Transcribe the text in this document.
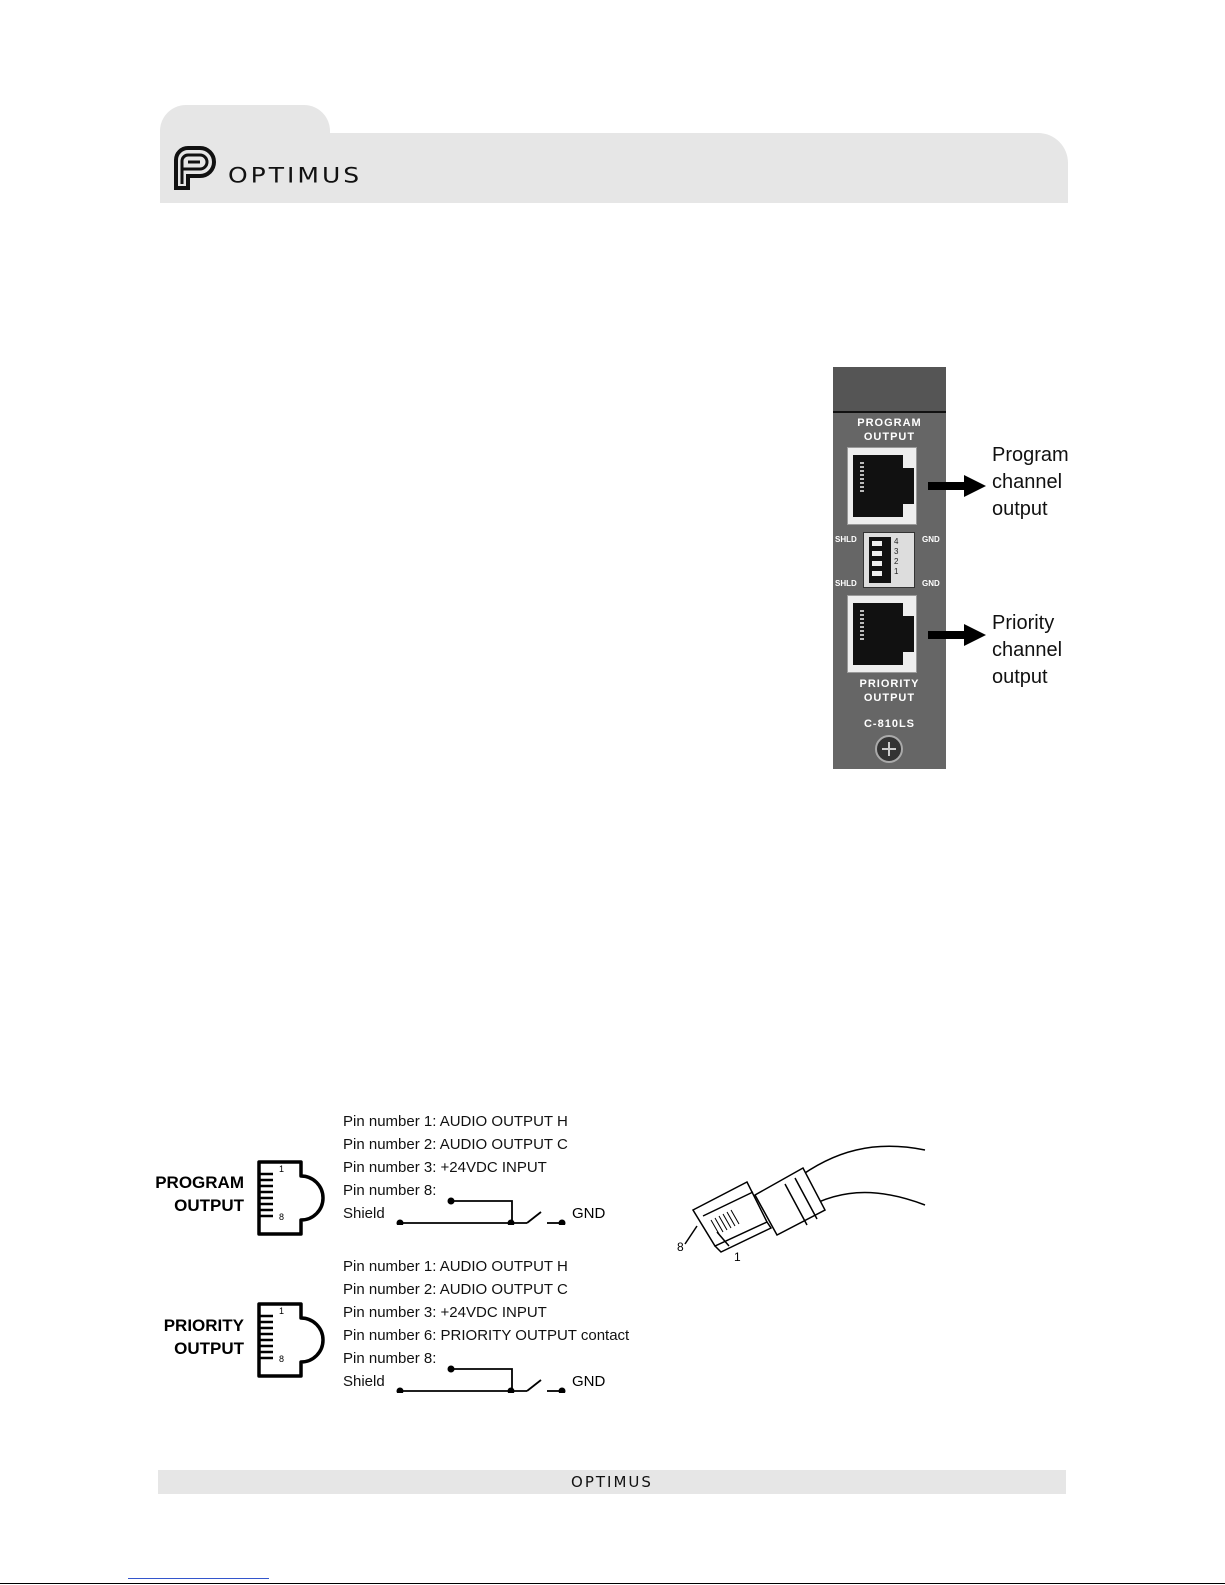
OPTIMUS
PROGRAM
OUTPUT
SHLD	GND
SHLD	GND
4
3
2
1
PRIORITY
OUTPUT
C-810LS
Program
channel
output
Priority
channel
output
PROGRAM
OUTPUT
1
8
Pin number 1: AUDIO OUTPUT H
Pin number 2: AUDIO OUTPUT C
Pin number 3: +24VDC INPUT
Pin number 8:
Shield	GND
PRIORITY
OUTPUT
1
8
Pin number 1: AUDIO OUTPUT H
Pin number 2: AUDIO OUTPUT C
Pin number 3: +24VDC INPUT
Pin number 6: PRIORITY OUTPUT contact
Pin number 8:
Shield	GND
8
1
OPTIMUS
